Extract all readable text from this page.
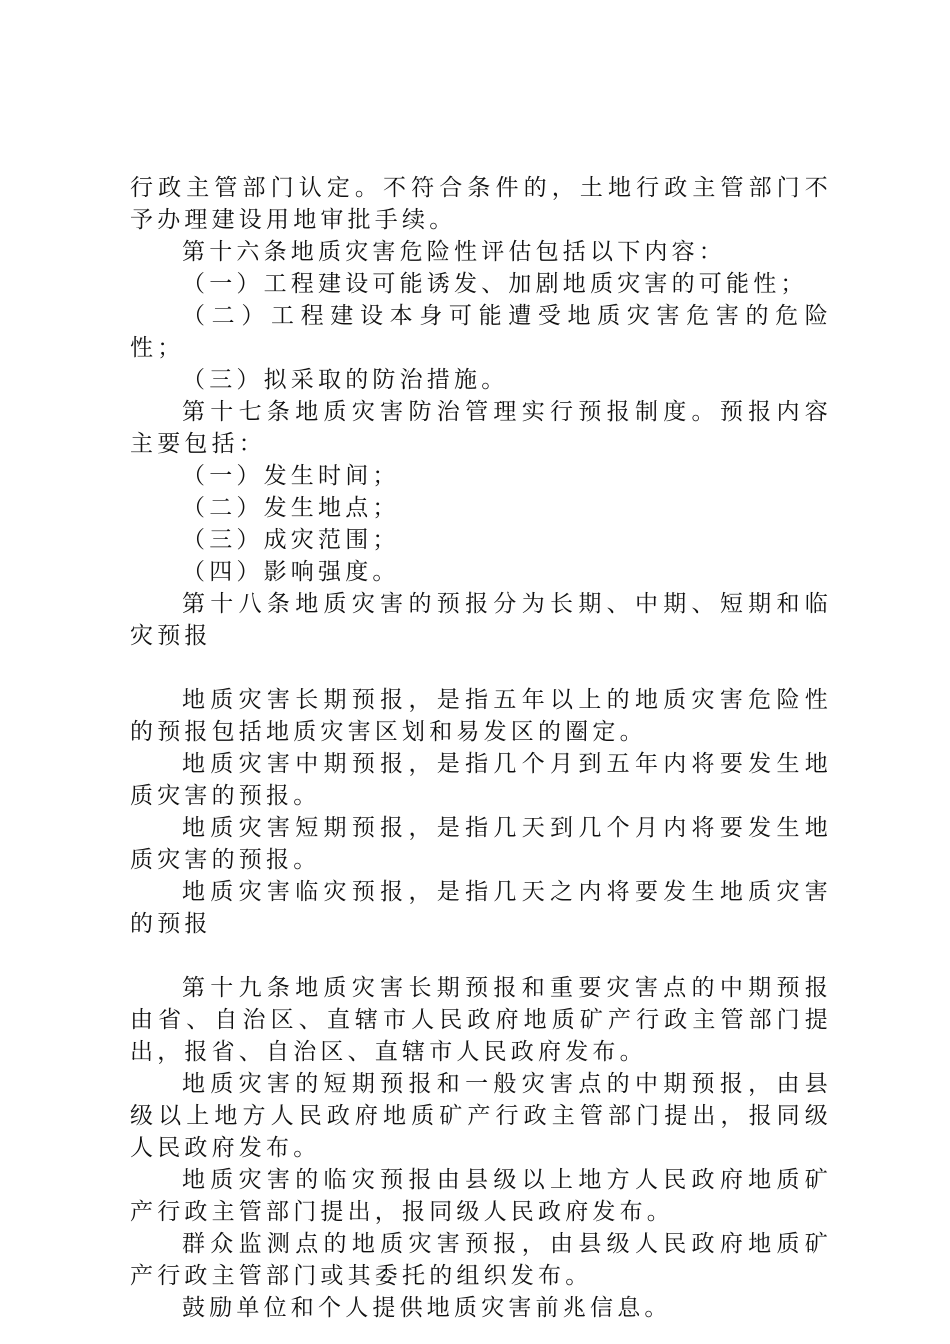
行政主管部门认定。不符合条件的，土地行政主管部门不予办理建设用地审批手续。

第十六条地质灾害危险性评估包括以下内容：

（一）工程建设可能诱发、加剧地质灾害的可能性；

（二）工程建设本身可能遭受地质灾害危害的危险性；

（三）拟采取的防治措施。

第十七条地质灾害防治管理实行预报制度。预报内容主要包括：

（一）发生时间；

（二）发生地点；

（三）成灾范围；

（四）影响强度。

第十八条地质灾害的预报分为长期、中期、短期和临灾预报

地质灾害长期预报，是指五年以上的地质灾害危险性的预报包括地质灾害区划和易发区的圈定。

地质灾害中期预报，是指几个月到五年内将要发生地质灾害的预报。

地质灾害短期预报，是指几天到几个月内将要发生地质灾害的预报。

地质灾害临灾预报，是指几天之内将要发生地质灾害的预报

第十九条地质灾害长期预报和重要灾害点的中期预报由省、自治区、直辖市人民政府地质矿产行政主管部门提出，报省、自治区、直辖市人民政府发布。

地质灾害的短期预报和一般灾害点的中期预报，由县级以上地方人民政府地质矿产行政主管部门提出，报同级人民政府发布。

地质灾害的临灾预报由县级以上地方人民政府地质矿产行政主管部门提出，报同级人民政府发布。

群众监测点的地质灾害预报，由县级人民政府地质矿产行政主管部门或其委托的组织发布。

鼓励单位和个人提供地质灾害前兆信息。
